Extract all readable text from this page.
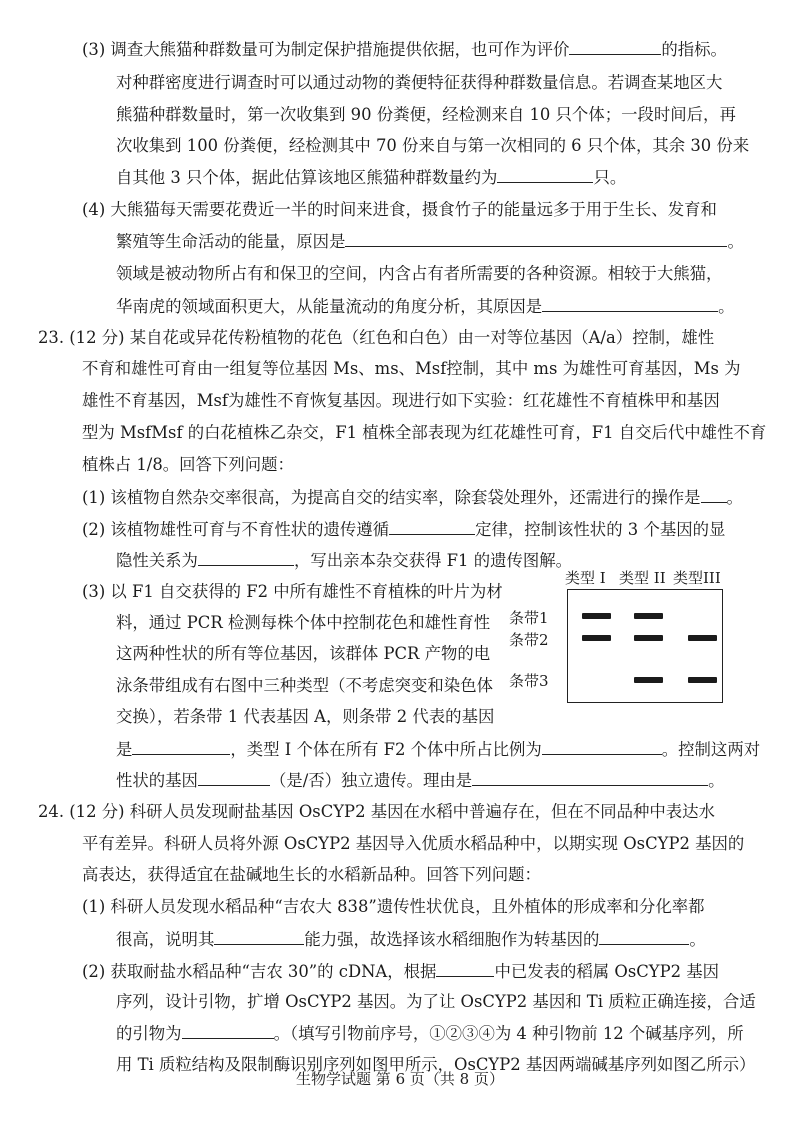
(3) 调查大熊猫种群数量可为制定保护措施提供依据，也可作为评价	的指标。
对种群密度进行调查时可以通过动物的粪便特征获得种群数量信息。若调查某地区大
熊猫种群数量时，第一次收集到 90 份粪便，经检测来自 10 只个体；一段时间后，再
次收集到 100 份粪便，经检测其中 70 份来自与第一次相同的 6 只个体，其余 30 份来
自其他 3 只个体，据此估算该地区熊猫种群数量约为	只。
(4) 大熊猫每天需要花费近一半的时间来进食，摄食竹子的能量远多于用于生长、发育和
繁殖等生命活动的能量，原因是	。
领域是被动物所占有和保卫的空间，内含占有者所需要的各种资源。相较于大熊猫，
华南虎的领域面积更大，从能量流动的角度分析，其原因是	。
23. (12 分) 某自花或异花传粉植物的花色（红色和白色）由一对等位基因（A/a）控制，雄性
不育和雄性可育由一组复等位基因 Ms、ms、Msf控制，其中 ms 为雄性可育基因，Ms 为
雄性不育基因，Msf为雄性不育恢复基因。现进行如下实验：红花雄性不育植株甲和基因
型为 MsfMsf 的白花植株乙杂交，F1 植株全部表现为红花雄性可育，F1 自交后代中雄性不育
植株占 1/8。回答下列问题：
(1) 该植物自然杂交率很高，为提高自交的结实率，除套袋处理外，还需进行的操作是 。
(2) 该植物雄性可育与不育性状的遗传遵循	定律，控制该性状的 3 个基因的显
隐性关系为	，写出亲本杂交获得 F1 的遗传图解。
(3) 以 F1 自交获得的 F2 中所有雄性不育植株的叶片为材
料，通过 PCR 检测每株个体中控制花色和雄性育性
这两种性状的所有等位基因，该群体 PCR 产物的电
泳条带组成有右图中三种类型（不考虑突变和染色体
交换），若条带 1 代表基因 A，则条带 2 代表的基因
是	，类型 I 个体在所有 F2 个体中所占比例为	。控制这两对
性状的基因	（是/否）独立遗传。理由是	。
24. (12 分) 科研人员发现耐盐基因 OsCYP2 基因在水稻中普遍存在，但在不同品种中表达水
平有差异。科研人员将外源 OsCYP2 基因导入优质水稻品种中，以期实现 OsCYP2 基因的
高表达，获得适宜在盐碱地生长的水稻新品种。回答下列问题：
(1) 科研人员发现水稻品种“吉农大 838”遗传性状优良，且外植体的形成率和分化率都
很高，说明其	能力强，故选择该水稻细胞作为转基因的	。
(2) 获取耐盐水稻品种“吉农 30”的 cDNA，根据	中已发表的稻属 OsCYP2 基因
序列，设计引物，扩增 OsCYP2 基因。为了让 OsCYP2 基因和 Ti 质粒正确连接，合适
的引物为	。（填写引物前序号，①②③④为 4 种引物前 12 个碱基序列，所
用 Ti 质粒结构及限制酶识别序列如图甲所示，OsCYP2 基因两端碱基序列如图乙所示）
类型 I 类型 II 类型III
条带1
条带2
条带3
生物学试题 第 6 页（共 8 页）
